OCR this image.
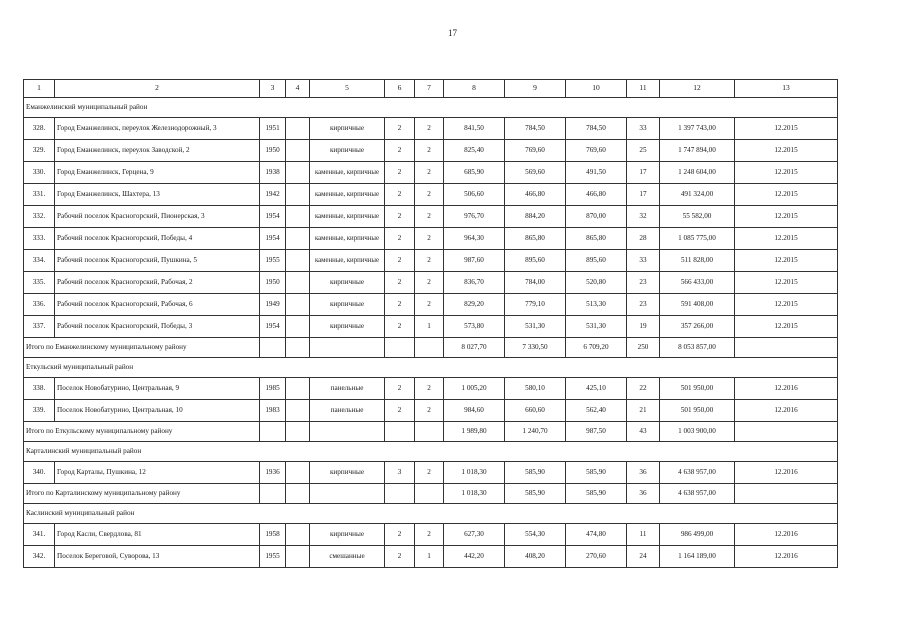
17
1	2	3	4	5	6	7	8	9	10	11	12	13
Еманжелинский муниципальный район												
328.	Город Еманжелинск, переулок Железнодорожный, 3	1951		кирпичные	2	2	841,50	784,50	784,50	33	1 397 743,00	12.2015
329.	Город Еманжелинск, переулок Заводской, 2	1950		кирпичные	2	2	825,40	769,60	769,60	25	1 747 894,00	12.2015
330.	Город Еманжелинск, Герцена, 9	1938		каменные, кирпичные	2	2	685,90	569,60	491,50	17	1 248 604,00	12.2015
331.	Город Еманжелинск, Шахтера, 13	1942		каменные, кирпичные	2	2	506,60	466,80	466,80	17	491 324,00	12.2015
332.	Рабочий поселок Красногорский, Пионерская, 3	1954		каменные, кирпичные	2	2	976,70	884,20	870,00	32	55 582,00	12.2015
333.	Рабочий поселок Красногорский, Победы, 4	1954		каменные, кирпичные	2	2	964,30	865,80	865,80	28	1 085 775,00	12.2015
334.	Рабочий поселок Красногорский, Пушкина, 5	1955		каменные, кирпичные	2	2	987,60	895,60	895,60	33	511 828,00	12.2015
335.	Рабочий поселок Красногорский, Рабочая, 2	1950		кирпичные	2	2	836,70	784,00	520,80	23	566 433,00	12.2015
336.	Рабочий поселок Красногорский, Рабочая, 6	1949		кирпичные	2	2	829,20	779,10	513,30	23	591 408,00	12.2015
337.	Рабочий поселок Красногорский, Победы, 3	1954		кирпичные	2	1	573,80	531,30	531,30	19	357 266,00	12.2015
Итого по Еманжелинскому муниципальному району							8 027,70	7 330,50	6 709,20	250	8 053 857,00	
Еткульский муниципальный район												
338.	Поселок Новобатурино, Центральная, 9	1985		панельные	2	2	1 005,20	580,10	425,10	22	501 950,00	12.2016
339.	Поселок Новобатурино, Центральная, 10	1983		панельные	2	2	984,60	660,60	562,40	21	501 950,00	12.2016
Итого по Еткульскому муниципальному району							1 989,80	1 240,70	987,50	43	1 003 900,00	
Карталинский муниципальный район												
340.	Город Карталы, Пушкина, 12	1936		кирпичные	3	2	1 018,30	585,90	585,90	36	4 638 957,00	12.2016
Итого по Карталинскому муниципальному району							1 018,30	585,90	585,90	36	4 638 957,00	
Каслинский муниципальный район												
341.	Город Касли, Свердлова, 81	1958		кирпичные	2	2	627,30	554,30	474,80	11	986 499,00	12.2016
342.	Поселок Береговой, Суворова, 13	1955		смешанные	2	1	442,20	408,20	270,60	24	1 164 189,00	12.2016
